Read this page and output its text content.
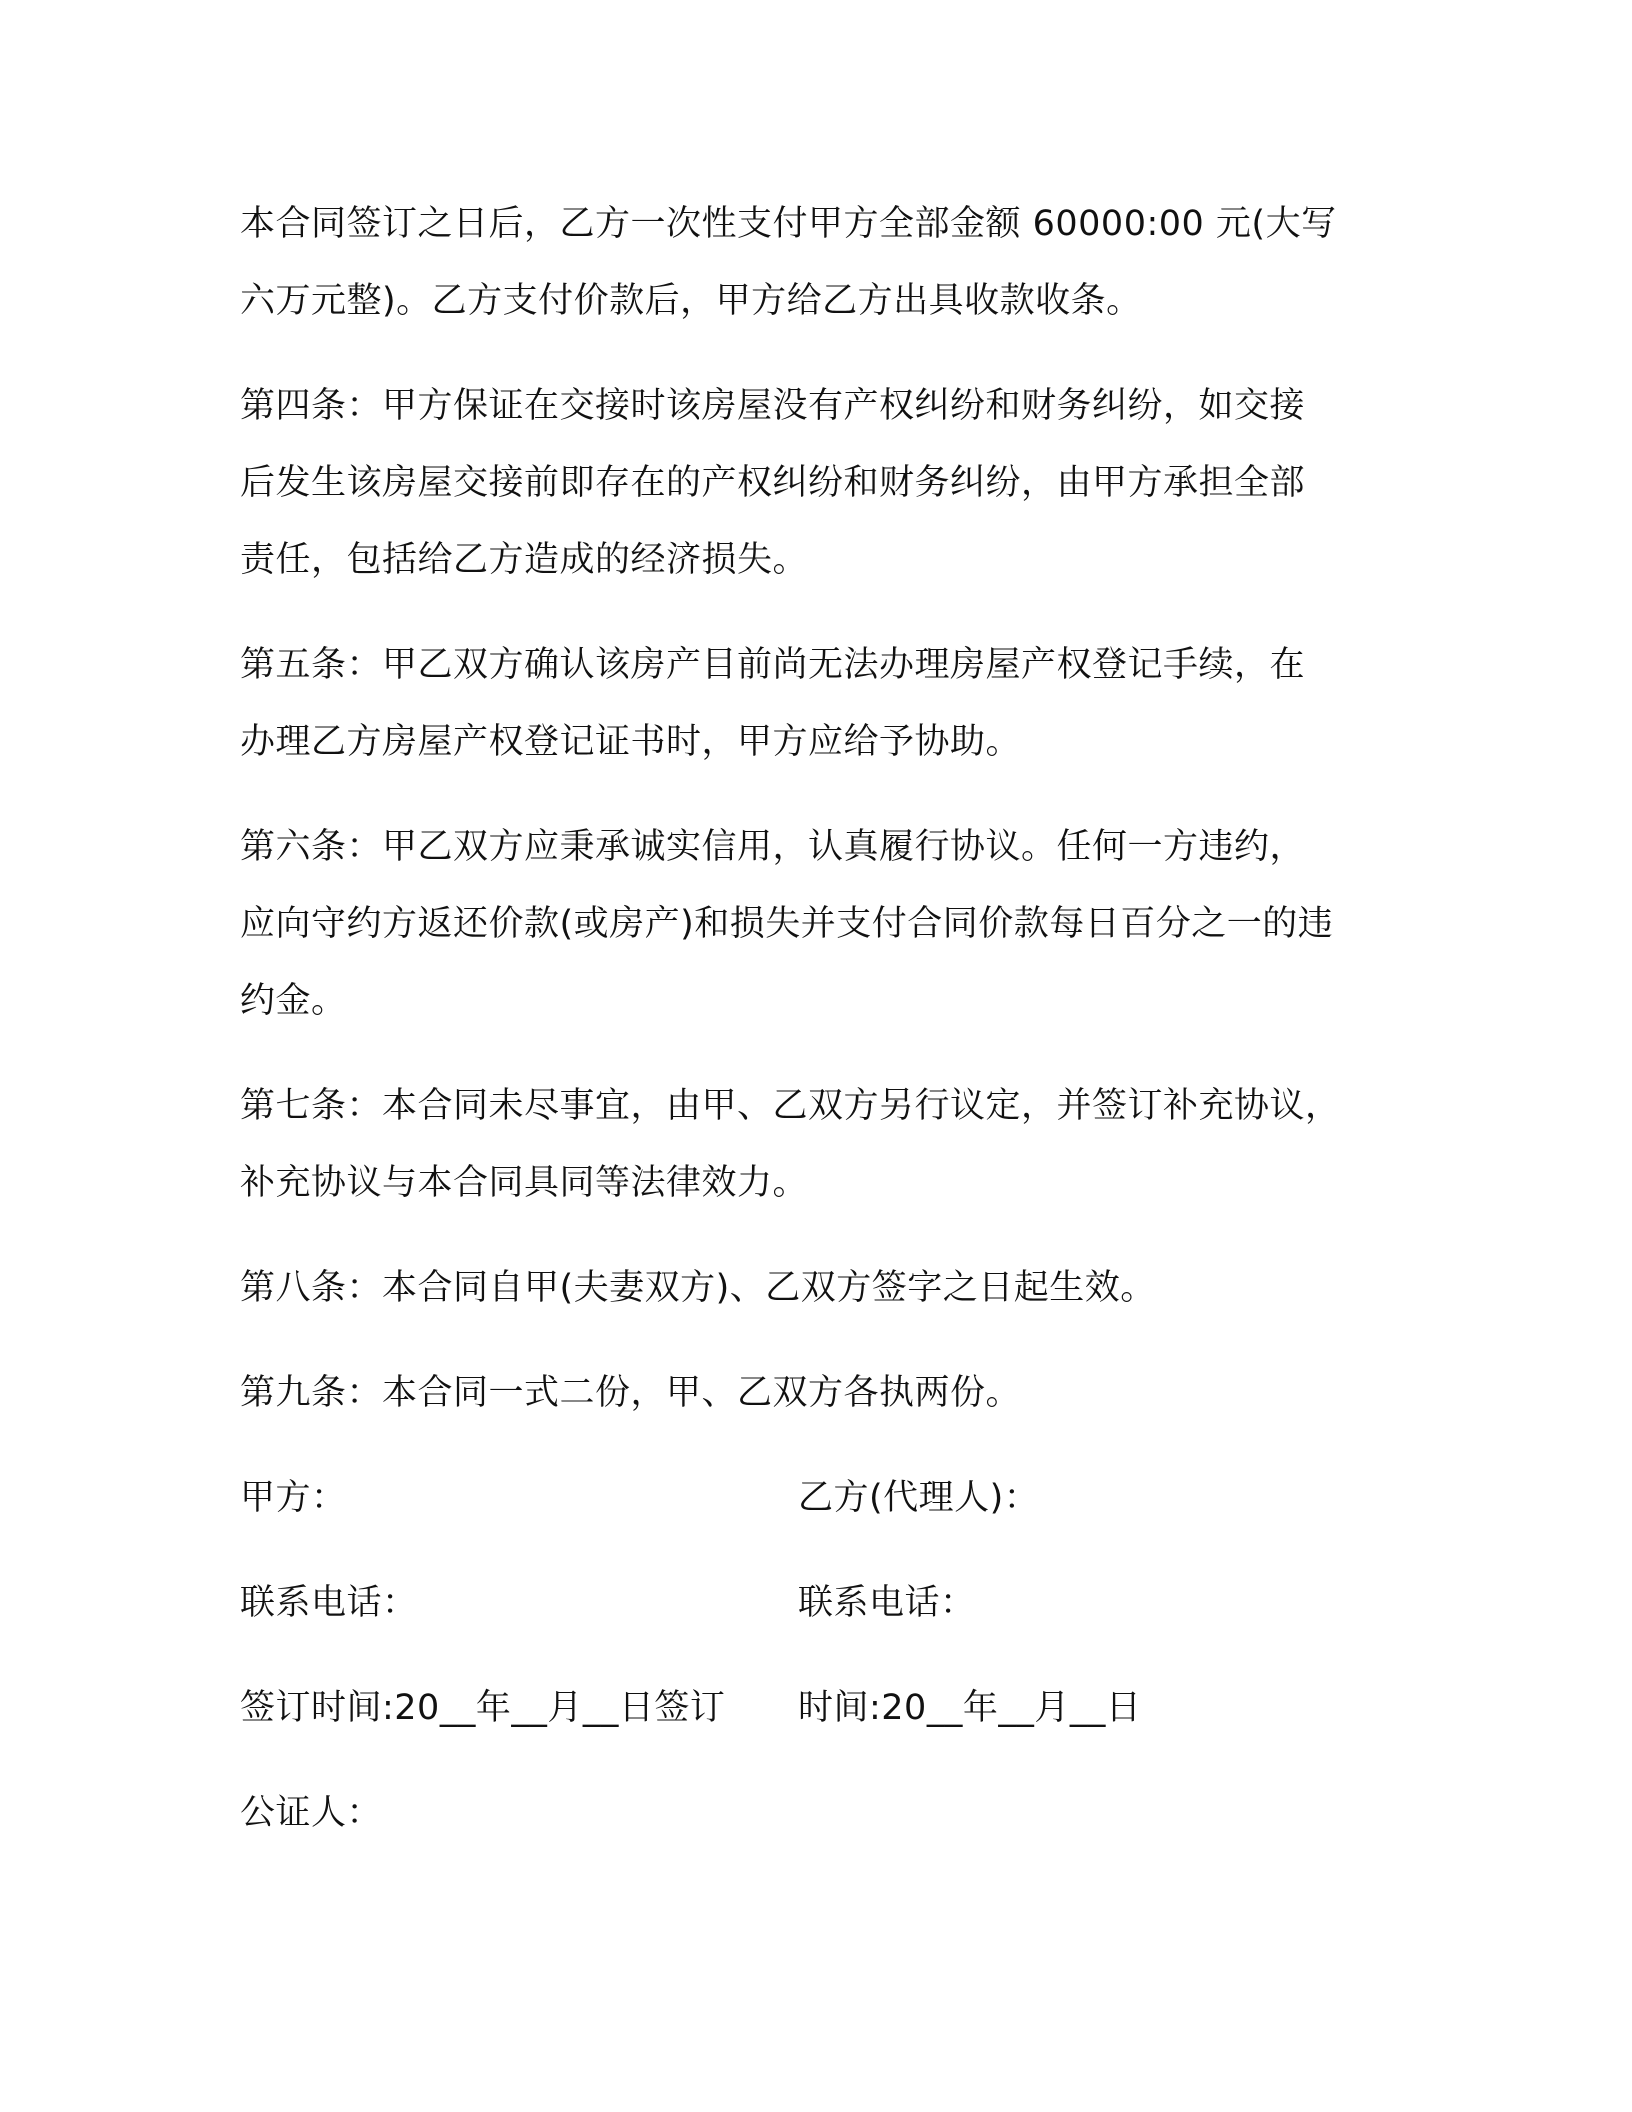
本合同签订之日后，乙方一次性支付甲方全部金额 60000:00 元(大写
六万元整)。乙方支付价款后，甲方给乙方出具收款收条。
第四条：甲方保证在交接时该房屋没有产权纠纷和财务纠纷，如交接
后发生该房屋交接前即存在的产权纠纷和财务纠纷，由甲方承担全部
责任，包括给乙方造成的经济损失。
第五条：甲乙双方确认该房产目前尚无法办理房屋产权登记手续，在
办理乙方房屋产权登记证书时，甲方应给予协助。
第六条：甲乙双方应秉承诚实信用，认真履行协议。任何一方违约，
应向守约方返还价款(或房产)和损失并支付合同价款每日百分之一的违
约金。
第七条：本合同未尽事宜，由甲、乙双方另行议定，并签订补充协议，
补充协议与本合同具同等法律效力。
第八条：本合同自甲(夫妻双方)、乙双方签字之日起生效。
第九条：本合同一式二份，甲、乙双方各执两份。
甲方：	乙方(代理人)：
联系电话：	联系电话：
签订时间:20__年__月__日签订	时间:20__年__月__日
公证人：
